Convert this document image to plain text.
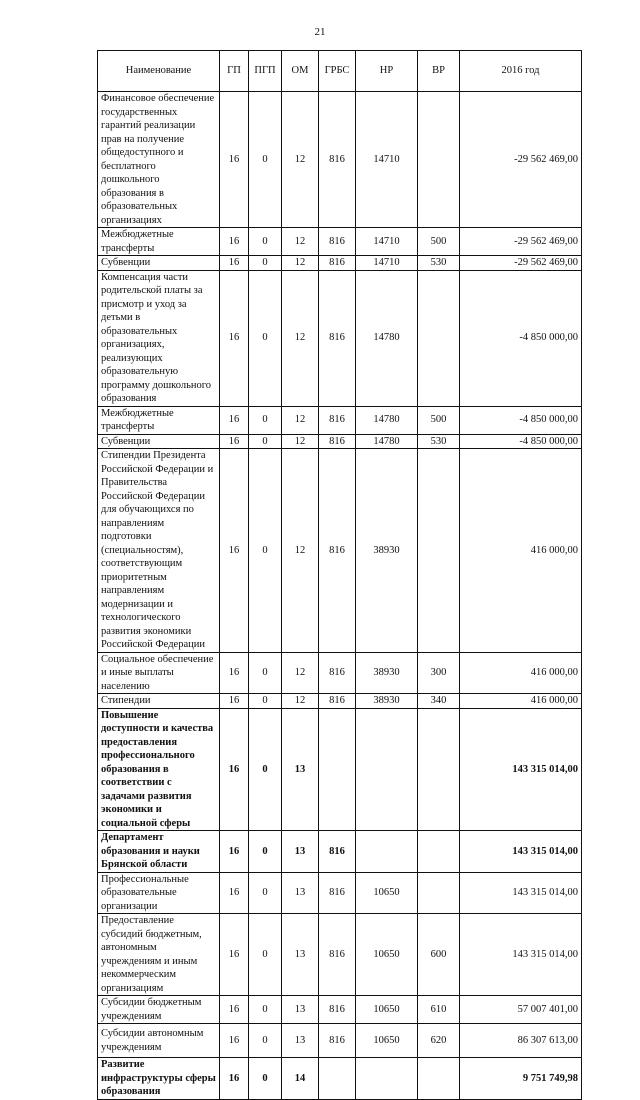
21
Наименование	ГП	ПГП	ОМ	ГРБС	НР	ВР	2016 год
Финансовое обеспечение государственных гарантий реализации прав на получение общедоступного и бесплатного дошкольного образования в образовательных организациях	16	0	12	816	14710		-29 562 469,00
Межбюджетные трансферты	16	0	12	816	14710	500	-29 562 469,00
Субвенции	16	0	12	816	14710	530	-29 562 469,00
Компенсация части родительской платы за присмотр и уход за детьми в образовательных организациях, реализующих образовательную программу дошкольного образования	16	0	12	816	14780		-4 850 000,00
Межбюджетные трансферты	16	0	12	816	14780	500	-4 850 000,00
Субвенции	16	0	12	816	14780	530	-4 850 000,00
Стипендии Президента Российской Федерации и Правительства Российской Федерации для обучающихся по направлениям подготовки (специальностям), соответствующим приоритетным направлениям модернизации и технологического развития экономики Российской Федерации	16	0	12	816	38930		416 000,00
Социальное обеспечение и иные выплаты населению	16	0	12	816	38930	300	416 000,00
Стипендии	16	0	12	816	38930	340	416 000,00
Повышение доступности и качества предоставления профессионального образования в соответствии с задачами развития экономики и социальной сферы	16	0	13				143 315 014,00
Департамент образования и науки Брянской области	16	0	13	816			143 315 014,00
Профессиональные образовательные организации	16	0	13	816	10650		143 315 014,00
Предоставление субсидий бюджетным, автономным учреждениям и иным некоммерческим организациям	16	0	13	816	10650	600	143 315 014,00
Субсидии бюджетным учреждениям	16	0	13	816	10650	610	57 007 401,00
Субсидии автономным учреждениям	16	0	13	816	10650	620	86 307 613,00
Развитие инфраструктуры сферы образования	16	0	14				9 751 749,98
